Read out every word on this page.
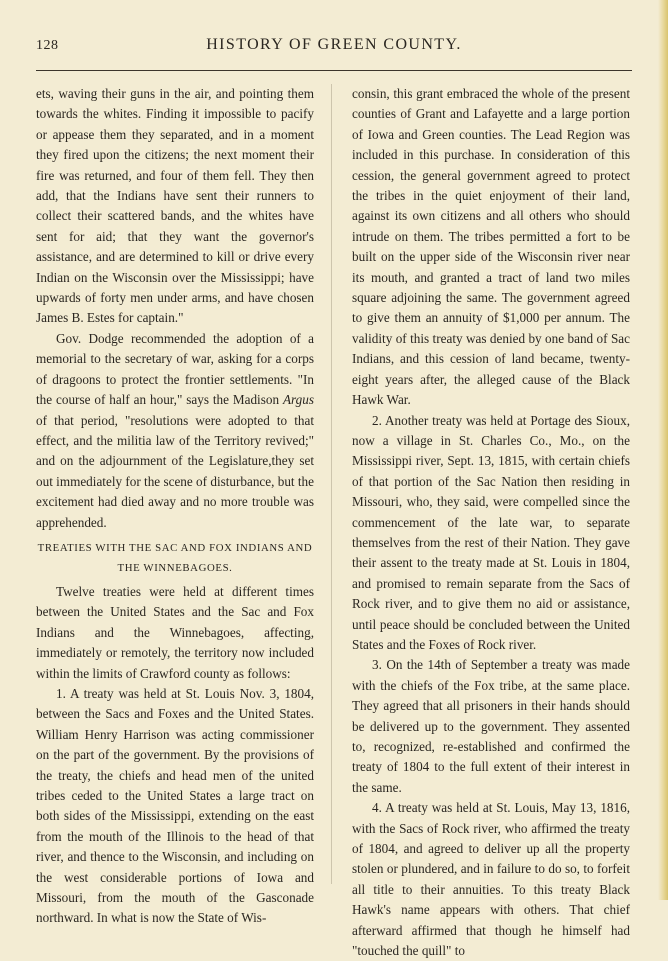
128	HISTORY OF GREEN COUNTY.

ets, waving their guns in the air, and pointing them towards the whites. Finding it impossible to pacify or appease them they separated, and in a moment they fired upon the citizens; the next moment their fire was returned, and four of them fell. They then add, that the Indians have sent their runners to collect their scattered bands, and the whites have sent for aid; that they want the governor's assistance, and are determined to kill or drive every Indian on the Wisconsin over the Mississippi; have upwards of forty men under arms, and have chosen James B. Estes for captain."

Gov. Dodge recommended the adoption of a memorial to the secretary of war, asking for a corps of dragoons to protect the frontier settlements. "In the course of half an hour," says the Madison Argus of that period, "resolutions were adopted to that effect, and the militia law of the Territory revived;" and on the adjournment of the Legislature,they set out immediately for the scene of disturbance, but the excitement had died away and no more trouble was apprehended.

TREATIES WITH THE SAC AND FOX INDIANS AND THE WINNEBAGOES.

Twelve treaties were held at different times between the United States and the Sac and Fox Indians and the Winnebagoes, affecting, immediately or remotely, the territory now included within the limits of Crawford county as follows:

1. A treaty was held at St. Louis Nov. 3, 1804, between the Sacs and Foxes and the United States. William Henry Harrison was acting commissioner on the part of the government. By the provisions of the treaty, the chiefs and head men of the united tribes ceded to the United States a large tract on both sides of the Mississippi, extending on the east from the mouth of the Illinois to the head of that river, and thence to the Wisconsin, and including on the west considerable portions of Iowa and Missouri, from the mouth of the Gasconade northward. In what is now the State of Wis-

consin, this grant embraced the whole of the present counties of Grant and Lafayette and a large portion of Iowa and Green counties. The Lead Region was included in this purchase. In consideration of this cession, the general government agreed to protect the tribes in the quiet enjoyment of their land, against its own citizens and all others who should intrude on them. The tribes permitted a fort to be built on the upper side of the Wisconsin river near its mouth, and granted a tract of land two miles square adjoining the same. The government agreed to give them an annuity of $1,000 per annum. The validity of this treaty was denied by one band of Sac Indians, and this cession of land became, twenty-eight years after, the alleged cause of the Black Hawk War.

2. Another treaty was held at Portage des Sioux, now a village in St. Charles Co., Mo., on the Mississippi river, Sept. 13, 1815, with certain chiefs of that portion of the Sac Nation then residing in Missouri, who, they said, were compelled since the commencement of the late war, to separate themselves from the rest of their Nation. They gave their assent to the treaty made at St. Louis in 1804, and promised to remain separate from the Sacs of Rock river, and to give them no aid or assistance, until peace should be concluded between the United States and the Foxes of Rock river.

3. On the 14th of September a treaty was made with the chiefs of the Fox tribe, at the same place. They agreed that all prisoners in their hands should be delivered up to the government. They assented to, recognized, re-established and confirmed the treaty of 1804 to the full extent of their interest in the same.

4. A treaty was held at St. Louis, May 13, 1816, with the Sacs of Rock river, who affirmed the treaty of 1804, and agreed to deliver up all the property stolen or plundered, and in failure to do so, to forfeit all title to their annuities. To this treaty Black Hawk's name appears with others. That chief afterward affirmed that though he himself had "touched the quill" to
